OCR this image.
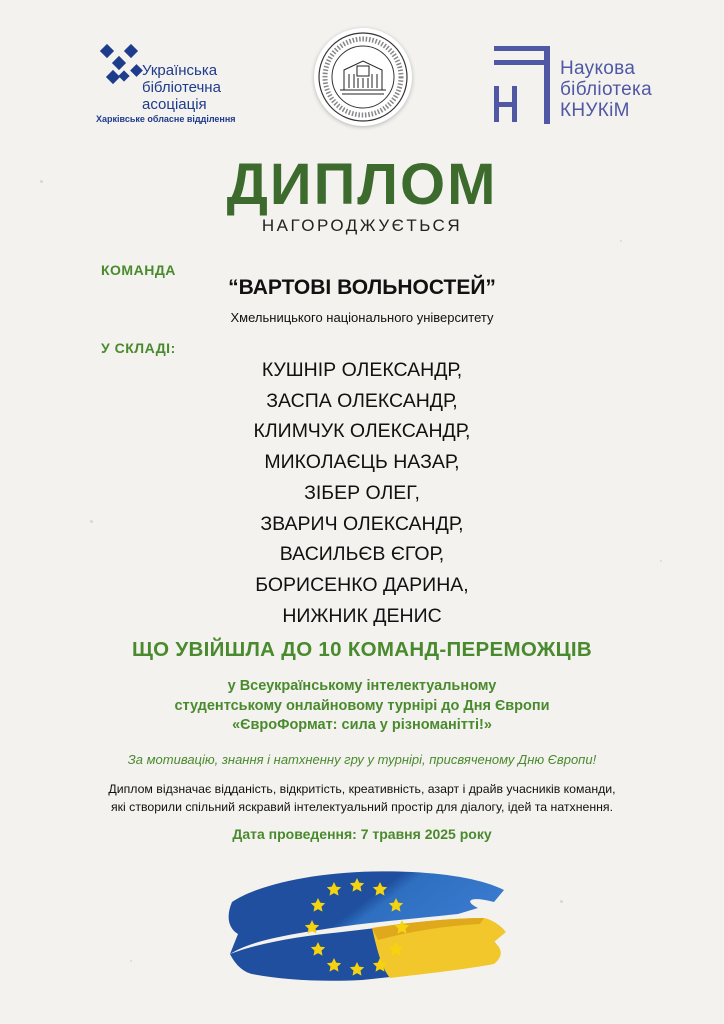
Українська
бібліотечна
асоціація
Харківське обласне відділення
Наукова
бібліотека
КНУКіМ
ДИПЛОМ
НАГОРОДЖУЄТЬСЯ
КОМАНДА
“ВАРТОВІ ВОЛЬНОСТЕЙ”
Хмельницького національного університету
У СКЛАДІ:
КУШНІР ОЛЕКСАНДР,
ЗАСПА ОЛЕКСАНДР,
КЛИМЧУК ОЛЕКСАНДР,
МИКОЛАЄЦЬ НАЗАР,
ЗІБЕР ОЛЕГ,
ЗВАРИЧ ОЛЕКСАНДР,
ВАСИЛЬЄВ ЄГОР,
БОРИСЕНКО ДАРИНА,
НИЖНИК ДЕНИС
ЩО УВІЙШЛА ДО 10 КОМАНД-ПЕРЕМОЖЦІВ
у Всеукраїнському інтелектуальному
студентському онлайновому турнірі до Дня Європи
«ЄвроФормат: сила у різноманітті!»
За мотивацію, знання і натхненну гру у турнірі, присвяченому Дню Європи!
Диплом відзначає відданість, відкритість, креативність, азарт і драйв учасників команди,
які створили спільний яскравий інтелектуальний простір для діалогу, ідей та натхнення.
Дата проведення: 7 травня 2025 року
